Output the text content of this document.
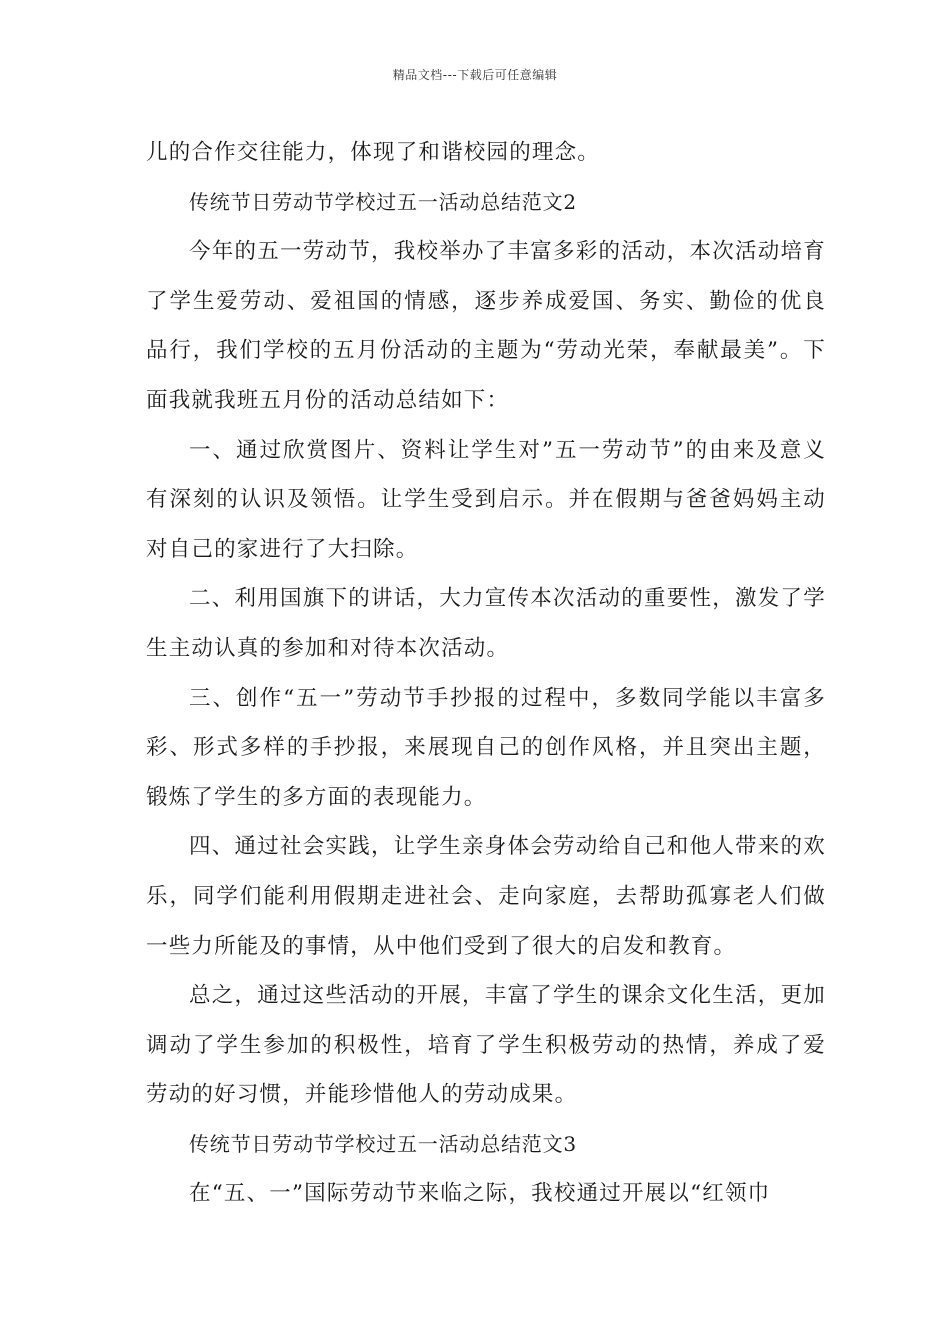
精品文档---下载后可任意编辑

儿的合作交往能力，体现了和谐校园的理念。

传统节日劳动节学校过五一活动总结范文2

今年的五一劳动节，我校举办了丰富多彩的活动，本次活动培育了学生爱劳动、爱祖国的情感，逐步养成爱国、务实、勤俭的优良品行，我们学校的五月份活动的主题为“劳动光荣，奉献最美”。下面我就我班五月份的活动总结如下：

一、通过欣赏图片、资料让学生对”五一劳动节”的由来及意义有深刻的认识及领悟。让学生受到启示。并在假期与爸爸妈妈主动对自己的家进行了大扫除。

二、利用国旗下的讲话，大力宣传本次活动的重要性，激发了学生主动认真的参加和对待本次活动。

三、创作“五一”劳动节手抄报的过程中，多数同学能以丰富多彩、形式多样的手抄报，来展现自己的创作风格，并且突出主题，锻炼了学生的多方面的表现能力。

四、通过社会实践，让学生亲身体会劳动给自己和他人带来的欢乐，同学们能利用假期走进社会、走向家庭，去帮助孤寡老人们做一些力所能及的事情，从中他们受到了很大的启发和教育。

总之，通过这些活动的开展，丰富了学生的课余文化生活，更加调动了学生参加的积极性，培育了学生积极劳动的热情，养成了爱劳动的好习惯，并能珍惜他人的劳动成果。

传统节日劳动节学校过五一活动总结范文3

在“五、一”国际劳动节来临之际，我校通过开展以“红领巾
